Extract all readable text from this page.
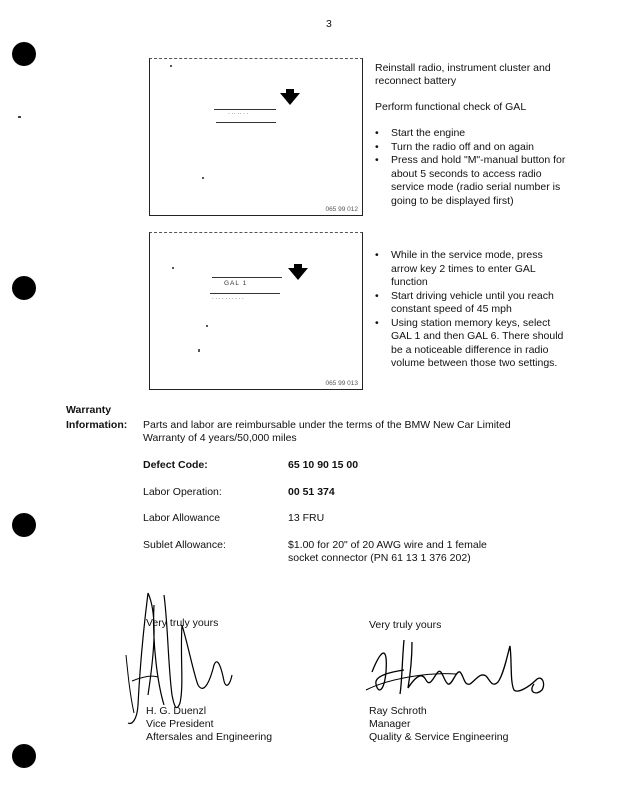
3
· ·· ·· · ·
065 99 012
GAL 1
. . . . . . . . . .
065 99 013
Reinstall radio, instrument cluster and
reconnect battery
Perform functional check of GAL
• Start the engine
• Turn the radio off and on again
• Press and hold "M"-manual button for
about 5 seconds to access radio
service mode (radio serial number is
going to be displayed first)
• While in the service mode, press
arrow key 2 times to enter GAL
function
• Start driving vehicle until you reach
constant speed of 45 mph
• Using station memory keys, select
GAL 1 and then GAL 6. There should
be a noticeable difference in radio
volume between those two settings.
Warranty
Information: Parts and labor are reimbursable under the terms of the BMW New Car Limited
Warranty of 4 years/50,000 miles
Defect Code:	65 10 90 15 00
Labor Operation:	00 51 374
Labor Allowance	13 FRU
Sublet Allowance:	$1.00 for 20" of 20 AWG wire and 1 female
socket connector (PN 61 13 1 376 202)
Very truly yours
H. G. Duenzl
Vice President
Aftersales and Engineering
Very truly yours
Ray Schroth
Manager
Quality & Service Engineering
